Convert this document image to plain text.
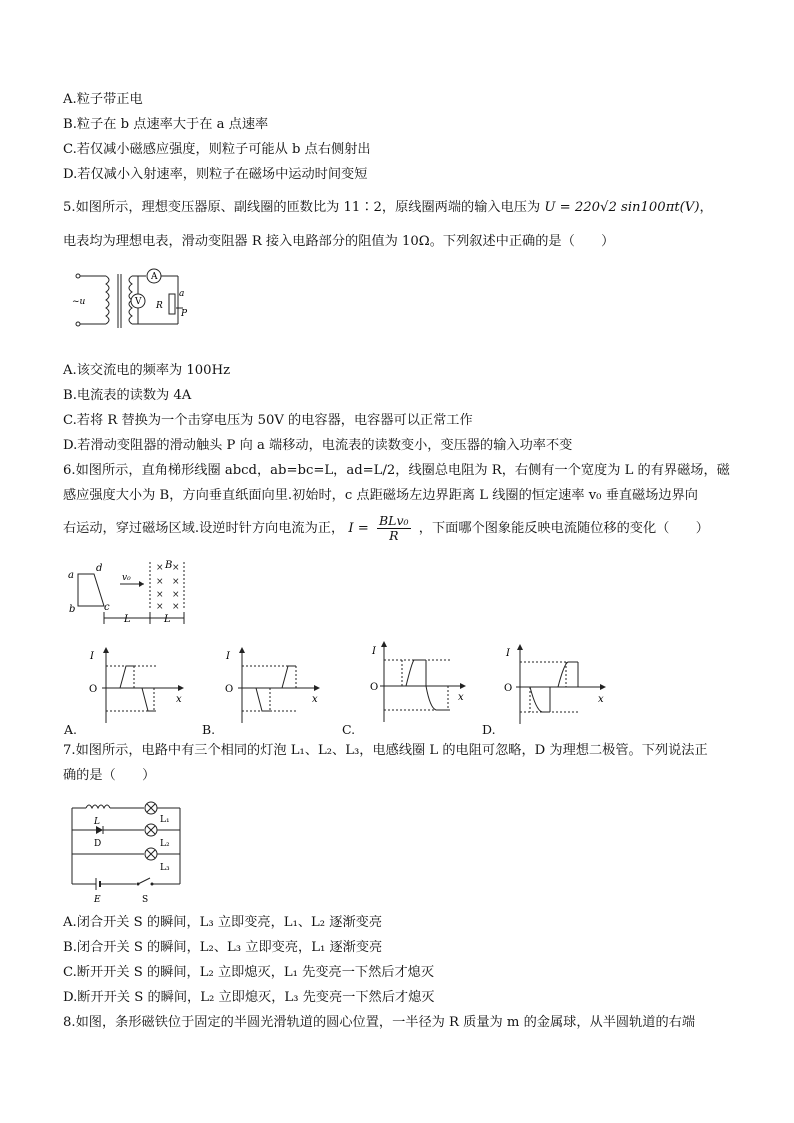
A.粒子带正电
B.粒子在 b 点速率大于在 a 点速率
C.若仅减小磁感应强度，则粒子可能从 b 点右侧射出
D.若仅减小入射速率，则粒子在磁场中运动时间变短
5.如图所示，理想变压器原、副线圈的匝数比为 11∶2，原线圈两端的输入电压为 U = 220√2 sin100πt(V)，
电表均为理想电表，滑动变阻器 R 接入电路部分的阻值为 10Ω。下列叙述中正确的是（　　）
~u
A
V R
a
P
A.该交流电的频率为 100Hz
B.电流表的读数为 4A
C.若将 R 替换为一个击穿电压为 50V 的电容器，电容器可以正常工作
D.若滑动变阻器的滑动触头 P 向 a 端移动，电流表的读数变小，变压器的输入功率不变
6.如图所示，直角梯形线圈 abcd，ab=bc=L，ad=L/2，线圈总电阻为 R，右侧有一个宽度为 L 的有界磁场，磁
感应强度大小为 B，方向垂直纸面向里.初始时，c 点距磁场左边界距离 L 线圈的恒定速率 v₀ 垂直磁场边界向
右运动，穿过磁场区域.设逆时针方向电流为正， $I = \frac{\text{BLv₀}}{R}$ ，下面哪个图象能反映电流随位移的变化（　　）
a
d
b	c
v₀
B
×
× ×
× ×
× ×
×
L	L
I
O
x
A.
I
O
x
B.
I
O
x
C.
I
O
x
D.
7.如图所示，电路中有三个相同的灯泡 L₁、L₂、L₃，电感线圈 L 的电阻可忽略，D 为理想二极管。下列说法正
确的是（　　）
L	L₁
D	L₂
L₃
E	S
A.闭合开关 S 的瞬间，L₃ 立即变亮，L₁、L₂ 逐渐变亮
B.闭合开关 S 的瞬间，L₂、L₃ 立即变亮，L₁ 逐渐变亮
C.断开开关 S 的瞬间，L₂ 立即熄灭，L₁ 先变亮一下然后才熄灭
D.断开开关 S 的瞬间，L₂ 立即熄灭，L₃ 先变亮一下然后才熄灭
8.如图，条形磁铁位于固定的半圆光滑轨道的圆心位置，一半径为 R 质量为 m 的金属球，从半圆轨道的右端
